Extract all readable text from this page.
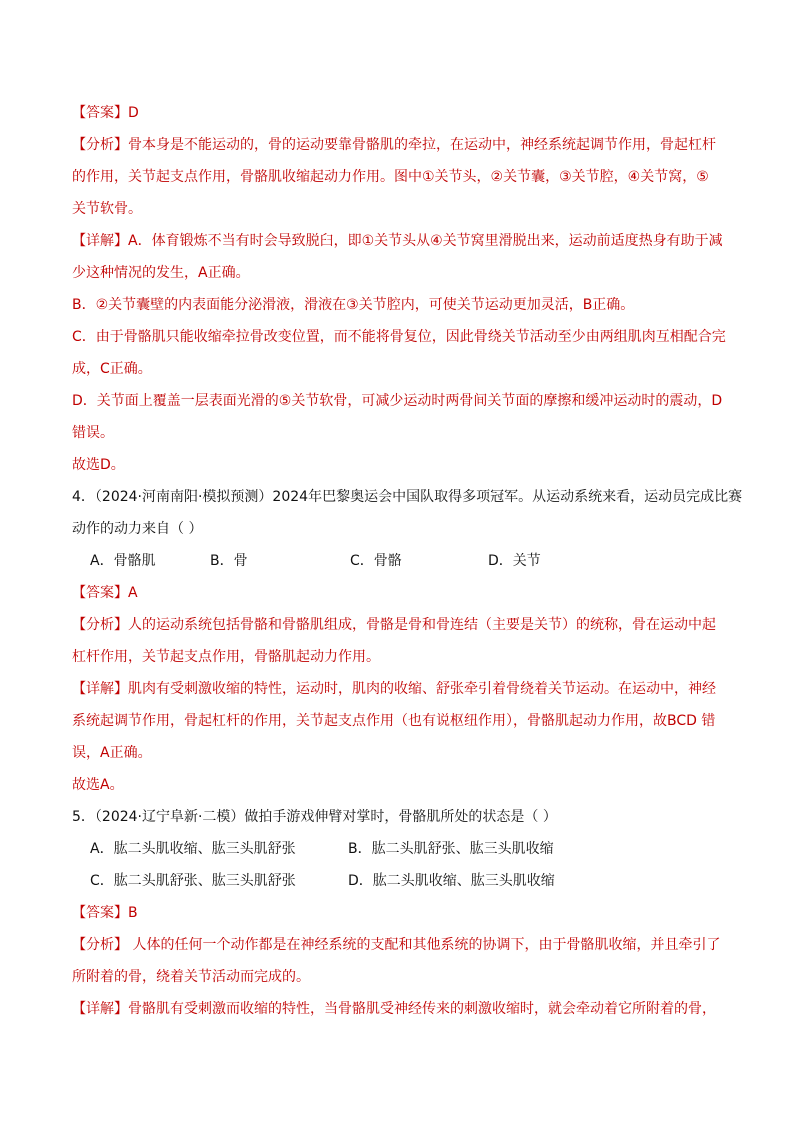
【答案】D
【分析】骨本身是不能运动的，骨的运动要靠骨骼肌的牵拉，在运动中，神经系统起调节作用，骨起杠杆
的作用，关节起支点作用，骨骼肌收缩起动力作用。图中①关节头，②关节囊，③关节腔，④关节窝，⑤
关节软骨。
【详解】A．体育锻炼不当有时会导致脱臼，即①关节头从④关节窝里滑脱出来，运动前适度热身有助于减
少这种情况的发生，A正确。
B．②关节囊壁的内表面能分泌滑液，滑液在③关节腔内，可使关节运动更加灵活，B正确。
C．由于骨骼肌只能收缩牵拉骨改变位置，而不能将骨复位，因此骨绕关节活动至少由两组肌肉互相配合完
成，C正确。
D．关节面上覆盖一层表面光滑的⑤关节软骨，可减少运动时两骨间关节面的摩擦和缓冲运动时的震动，D
错误。
故选D。
4．（2024·河南南阳·模拟预测）2024年巴黎奥运会中国队取得多项冠军。从运动系统来看，运动员完成比赛
动作的动力来自（ ）
A．骨骼肌	B．骨	C．骨骼	D．关节
【答案】A
【分析】人的运动系统包括骨骼和骨骼肌组成，骨骼是骨和骨连结（主要是关节）的统称，骨在运动中起
杠杆作用，关节起支点作用，骨骼肌起动力作用。
【详解】肌肉有受刺激收缩的特性，运动时，肌肉的收缩、舒张牵引着骨绕着关节运动。在运动中，神经
系统起调节作用，骨起杠杆的作用，关节起支点作用（也有说枢纽作用），骨骼肌起动力作用，故BCD 错
误，A正确。
故选A。
5．（2024·辽宁阜新·二模）做拍手游戏伸臂对掌时，骨骼肌所处的状态是（ ）
A．肱二头肌收缩、肱三头肌舒张	B．肱二头肌舒张、肱三头肌收缩
C．肱二头肌舒张、肱三头肌舒张	D．肱二头肌收缩、肱三头肌收缩
【答案】B
【分析】 人体的任何一个动作都是在神经系统的支配和其他系统的协调下，由于骨骼肌收缩，并且牵引了
所附着的骨，绕着关节活动而完成的。
【详解】骨骼肌有受刺激而收缩的特性，当骨骼肌受神经传来的刺激收缩时，就会牵动着它所附着的骨，
